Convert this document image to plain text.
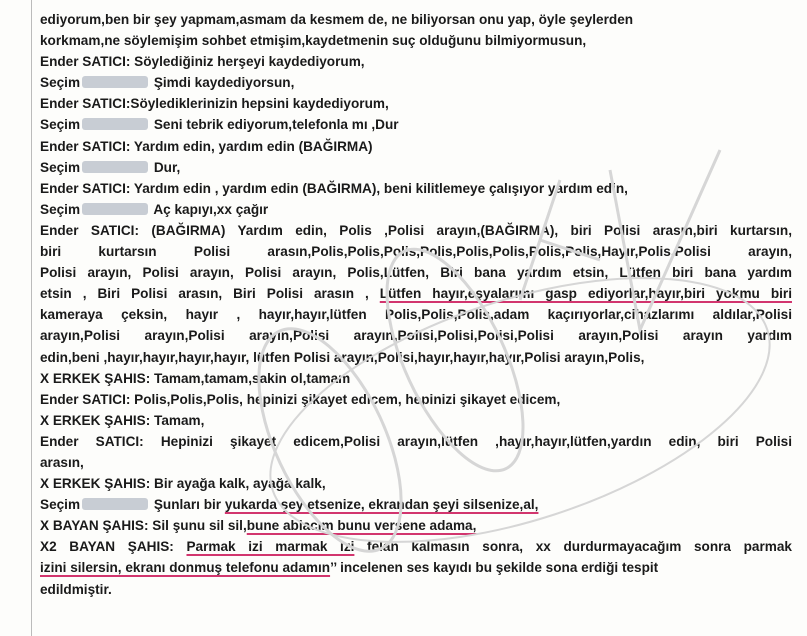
ediyorum,ben bir şey yapmam,asmam da kesmem de, ne biliyorsan onu yap, öyle şeylerden
korkmam,ne söylemişim sohbet etmişim,kaydetmenin suç olduğunu bilmiyormusun,
Ender SATICI: Söylediğiniz herşeyi kaydediyorum,
Seçim	Şimdi kaydediyorsun,
Ender SATICI:Söylediklerinizin hepsini kaydediyorum,
Seçim	Seni tebrik ediyorum,telefonla mı ,Dur
Ender SATICI: Yardım edin, yardım edin (BAĞIRMA)
Seçim	Dur,
Ender SATICI: Yardım edin , yardım edin (BAĞIRMA), beni kilitlemeye çalışıyor yardım edin,
Seçim	Aç kapıyı,xx çağır
Ender SATICI: (BAĞIRMA) Yardım edin, Polis ,Polisi arayın,(BAĞIRMA), biri Polisi arasın,biri kurtarsın,
biri kurtarsın Polisi arasın,Polis,Polis,Polis,Polis,Polis,Polis,Polis,Polis,Hayır,Polis,Polisi arayın,
Polisi arayın, Polisi arayın, Polisi arayın, Polis,Lütfen, Biri bana yardım etsin, Lütfen biri bana yardım
etsin , Biri Polisi arasın, Biri Polisi arasın , Lütfen hayır,eşyalarımı gasp ediyorlar,hayır,biri yokmu biri
kameraya çeksin, hayır , hayır,hayır,lütfen Polis,Polis,Polis,adam kaçırıyorlar,cihazlarımı aldılar,Polisi
arayın,Polisi arayın,Polisi arayın,Polisi arayın,Polisi,Polisi,Polisi,Polisi arayın,Polisi arayın yardım
edin,beni ,hayır,hayır,hayır,hayır, lütfen Polisi arayın,Polisi,hayır,hayır,hayır,Polisi arayın,Polis,
X ERKEK ŞAHIS: Tamam,tamam,sakin ol,tamam
Ender SATICI: Polis,Polis,Polis, hepinizi şikayet edicem, hepinizi şikayet edicem,
X ERKEK ŞAHIS: Tamam,
Ender SATICI: Hepinizi şikayet edicem,Polisi arayın,lütfen ,hayır,hayır,lütfen,yardın edin, biri Polisi
arasın,
X ERKEK ŞAHIS: Bir ayağa kalk, ayağa kalk,
Seçim	Şunları bir yukarda şey etsenize, ekrandan şeyi silsenize,al,
X BAYAN ŞAHIS: Sil şunu sil sil,bune ablacım bunu versene adama,
X2 BAYAN ŞAHIS: Parmak izi marmak izi felan kalmasın sonra, xx durdurmayacağım sonra parmak
izini silersin, ekranı donmuş telefonu adamın’’ incelenen ses kayıdı bu şekilde sona erdiği tespit
edildmiştir.
